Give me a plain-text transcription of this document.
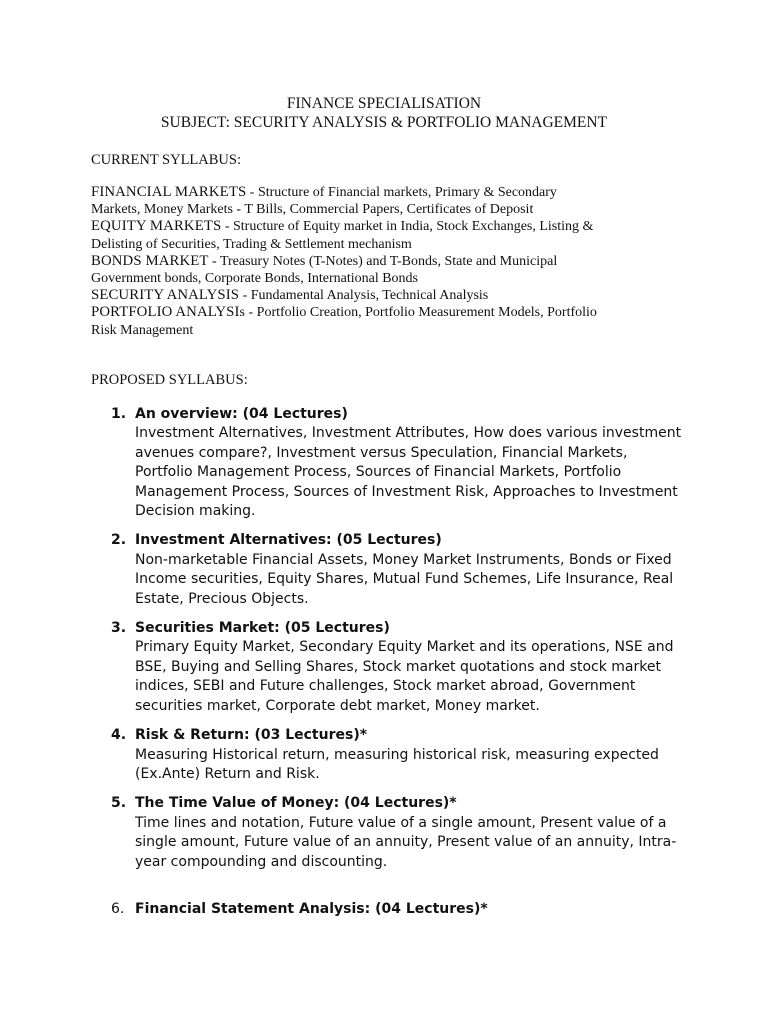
FINANCE SPECIALISATION
SUBJECT: SECURITY ANALYSIS & PORTFOLIO MANAGEMENT
CURRENT SYLLABUS:

FINANCIAL MARKETS - Structure of Financial markets, Primary & Secondary
Markets, Money Markets - T Bills, Commercial Papers, Certificates of Deposit

EQUITY MARKETS - Structure of Equity market in India, Stock Exchanges, Listing &
Delisting of Securities, Trading & Settlement mechanism

BONDS MARKET - Treasury Notes (T-Notes) and T-Bonds, State and Municipal
Government bonds, Corporate Bonds, International Bonds

SECURITY ANALYSIS - Fundamental Analysis, Technical Analysis

PORTFOLIO ANALYSIs - Portfolio Creation, Portfolio Measurement Models, Portfolio
Risk Management

PROPOSED SYLLABUS:
1. An overview: (04 Lectures)
Investment Alternatives, Investment Attributes, How does various investment
avenues compare?, Investment versus Speculation, Financial Markets,
Portfolio Management Process, Sources of Financial Markets, Portfolio
Management Process, Sources of Investment Risk, Approaches to Investment
Decision making.
2. Investment Alternatives: (05 Lectures)
Non-marketable Financial Assets, Money Market Instruments, Bonds or Fixed
Income securities, Equity Shares, Mutual Fund Schemes, Life Insurance, Real
Estate, Precious Objects.
3. Securities Market: (05 Lectures)
Primary Equity Market, Secondary Equity Market and its operations, NSE and
BSE, Buying and Selling Shares, Stock market quotations and stock market
indices, SEBI and Future challenges, Stock market abroad, Government
securities market, Corporate debt market, Money market.
4. Risk & Return: (03 Lectures)*
Measuring Historical return, measuring historical risk, measuring expected
(Ex.Ante) Return and Risk.
5. The Time Value of Money: (04 Lectures)*
Time lines and notation, Future value of a single amount, Present value of a
single amount, Future value of an annuity, Present value of an annuity, Intra-
year compounding and discounting.
6. Financial Statement Analysis: (04 Lectures)*
